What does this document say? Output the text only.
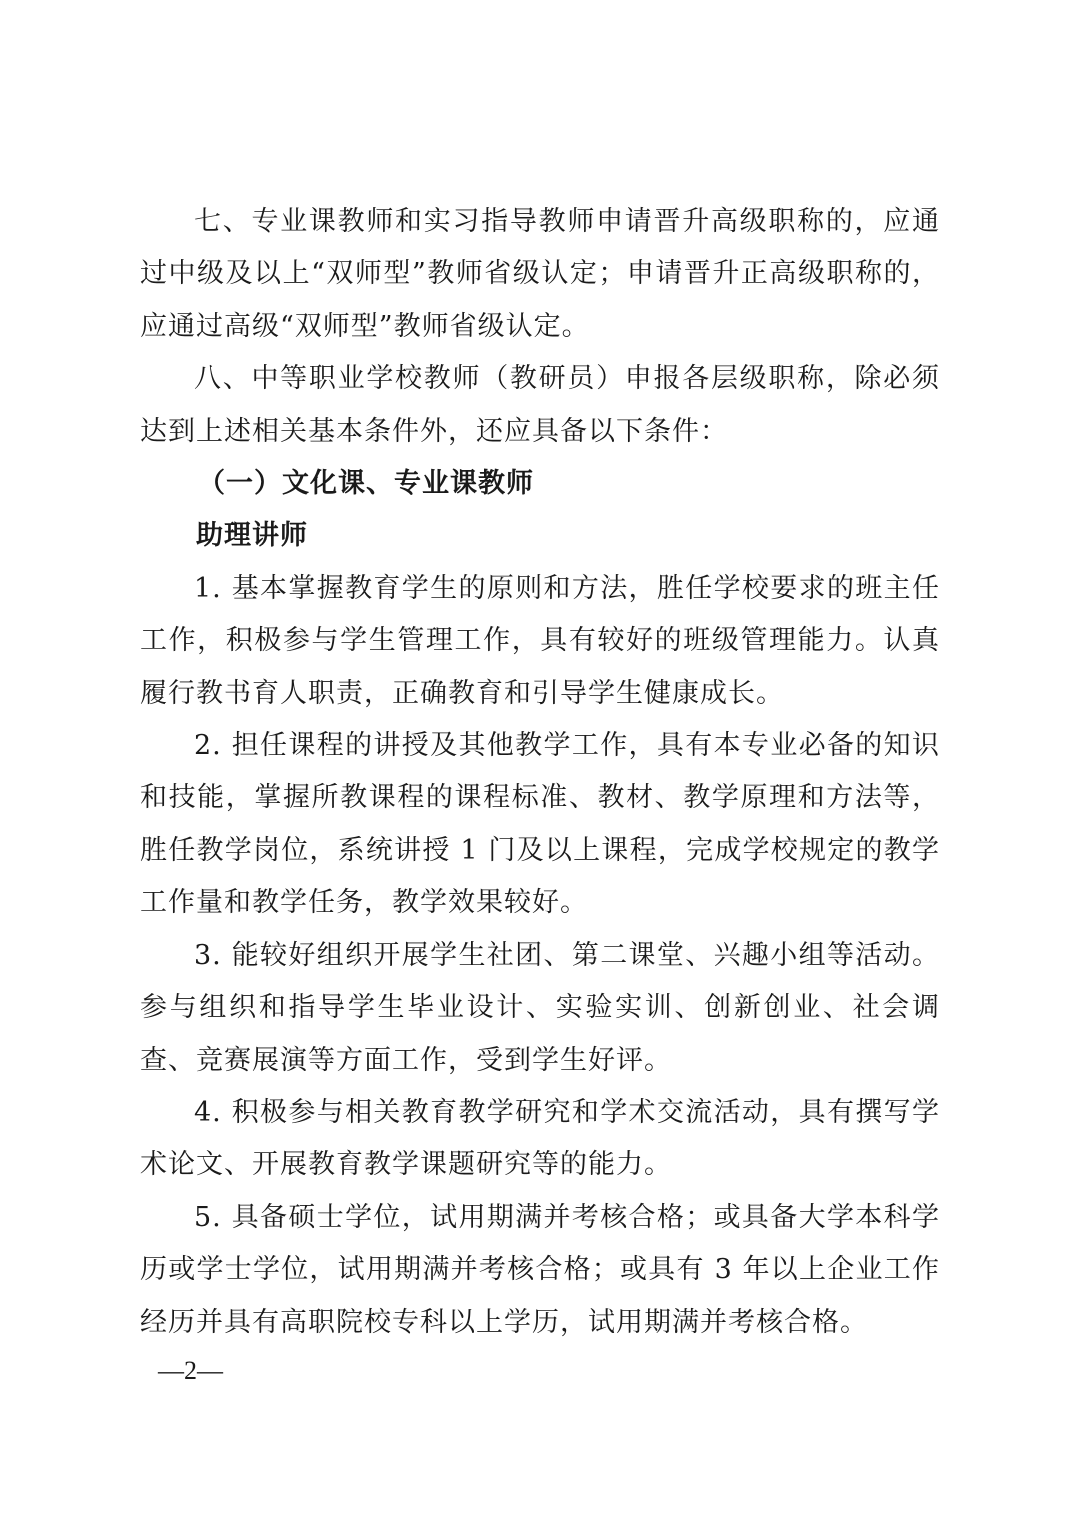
七、专业课教师和实习指导教师申请晋升高级职称的，应通过中级及以上“双师型”教师省级认定；申请晋升正高级职称的，应通过高级“双师型”教师省级认定。

八、中等职业学校教师（教研员）申报各层级职称，除必须达到上述相关基本条件外，还应具备以下条件：

（一）文化课、专业课教师

助理讲师

1. 基本掌握教育学生的原则和方法，胜任学校要求的班主任工作，积极参与学生管理工作，具有较好的班级管理能力。认真履行教书育人职责，正确教育和引导学生健康成长。

2. 担任课程的讲授及其他教学工作，具有本专业必备的知识和技能，掌握所教课程的课程标准、教材、教学原理和方法等，胜任教学岗位，系统讲授 1 门及以上课程，完成学校规定的教学工作量和教学任务，教学效果较好。

3. 能较好组织开展学生社团、第二课堂、兴趣小组等活动。参与组织和指导学生毕业设计、实验实训、创新创业、社会调查、竞赛展演等方面工作，受到学生好评。

4. 积极参与相关教育教学研究和学术交流活动，具有撰写学术论文、开展教育教学课题研究等的能力。

5. 具备硕士学位，试用期满并考核合格；或具备大学本科学历或学士学位，试用期满并考核合格；或具有 3 年以上企业工作经历并具有高职院校专科以上学历，试用期满并考核合格。

—2—
